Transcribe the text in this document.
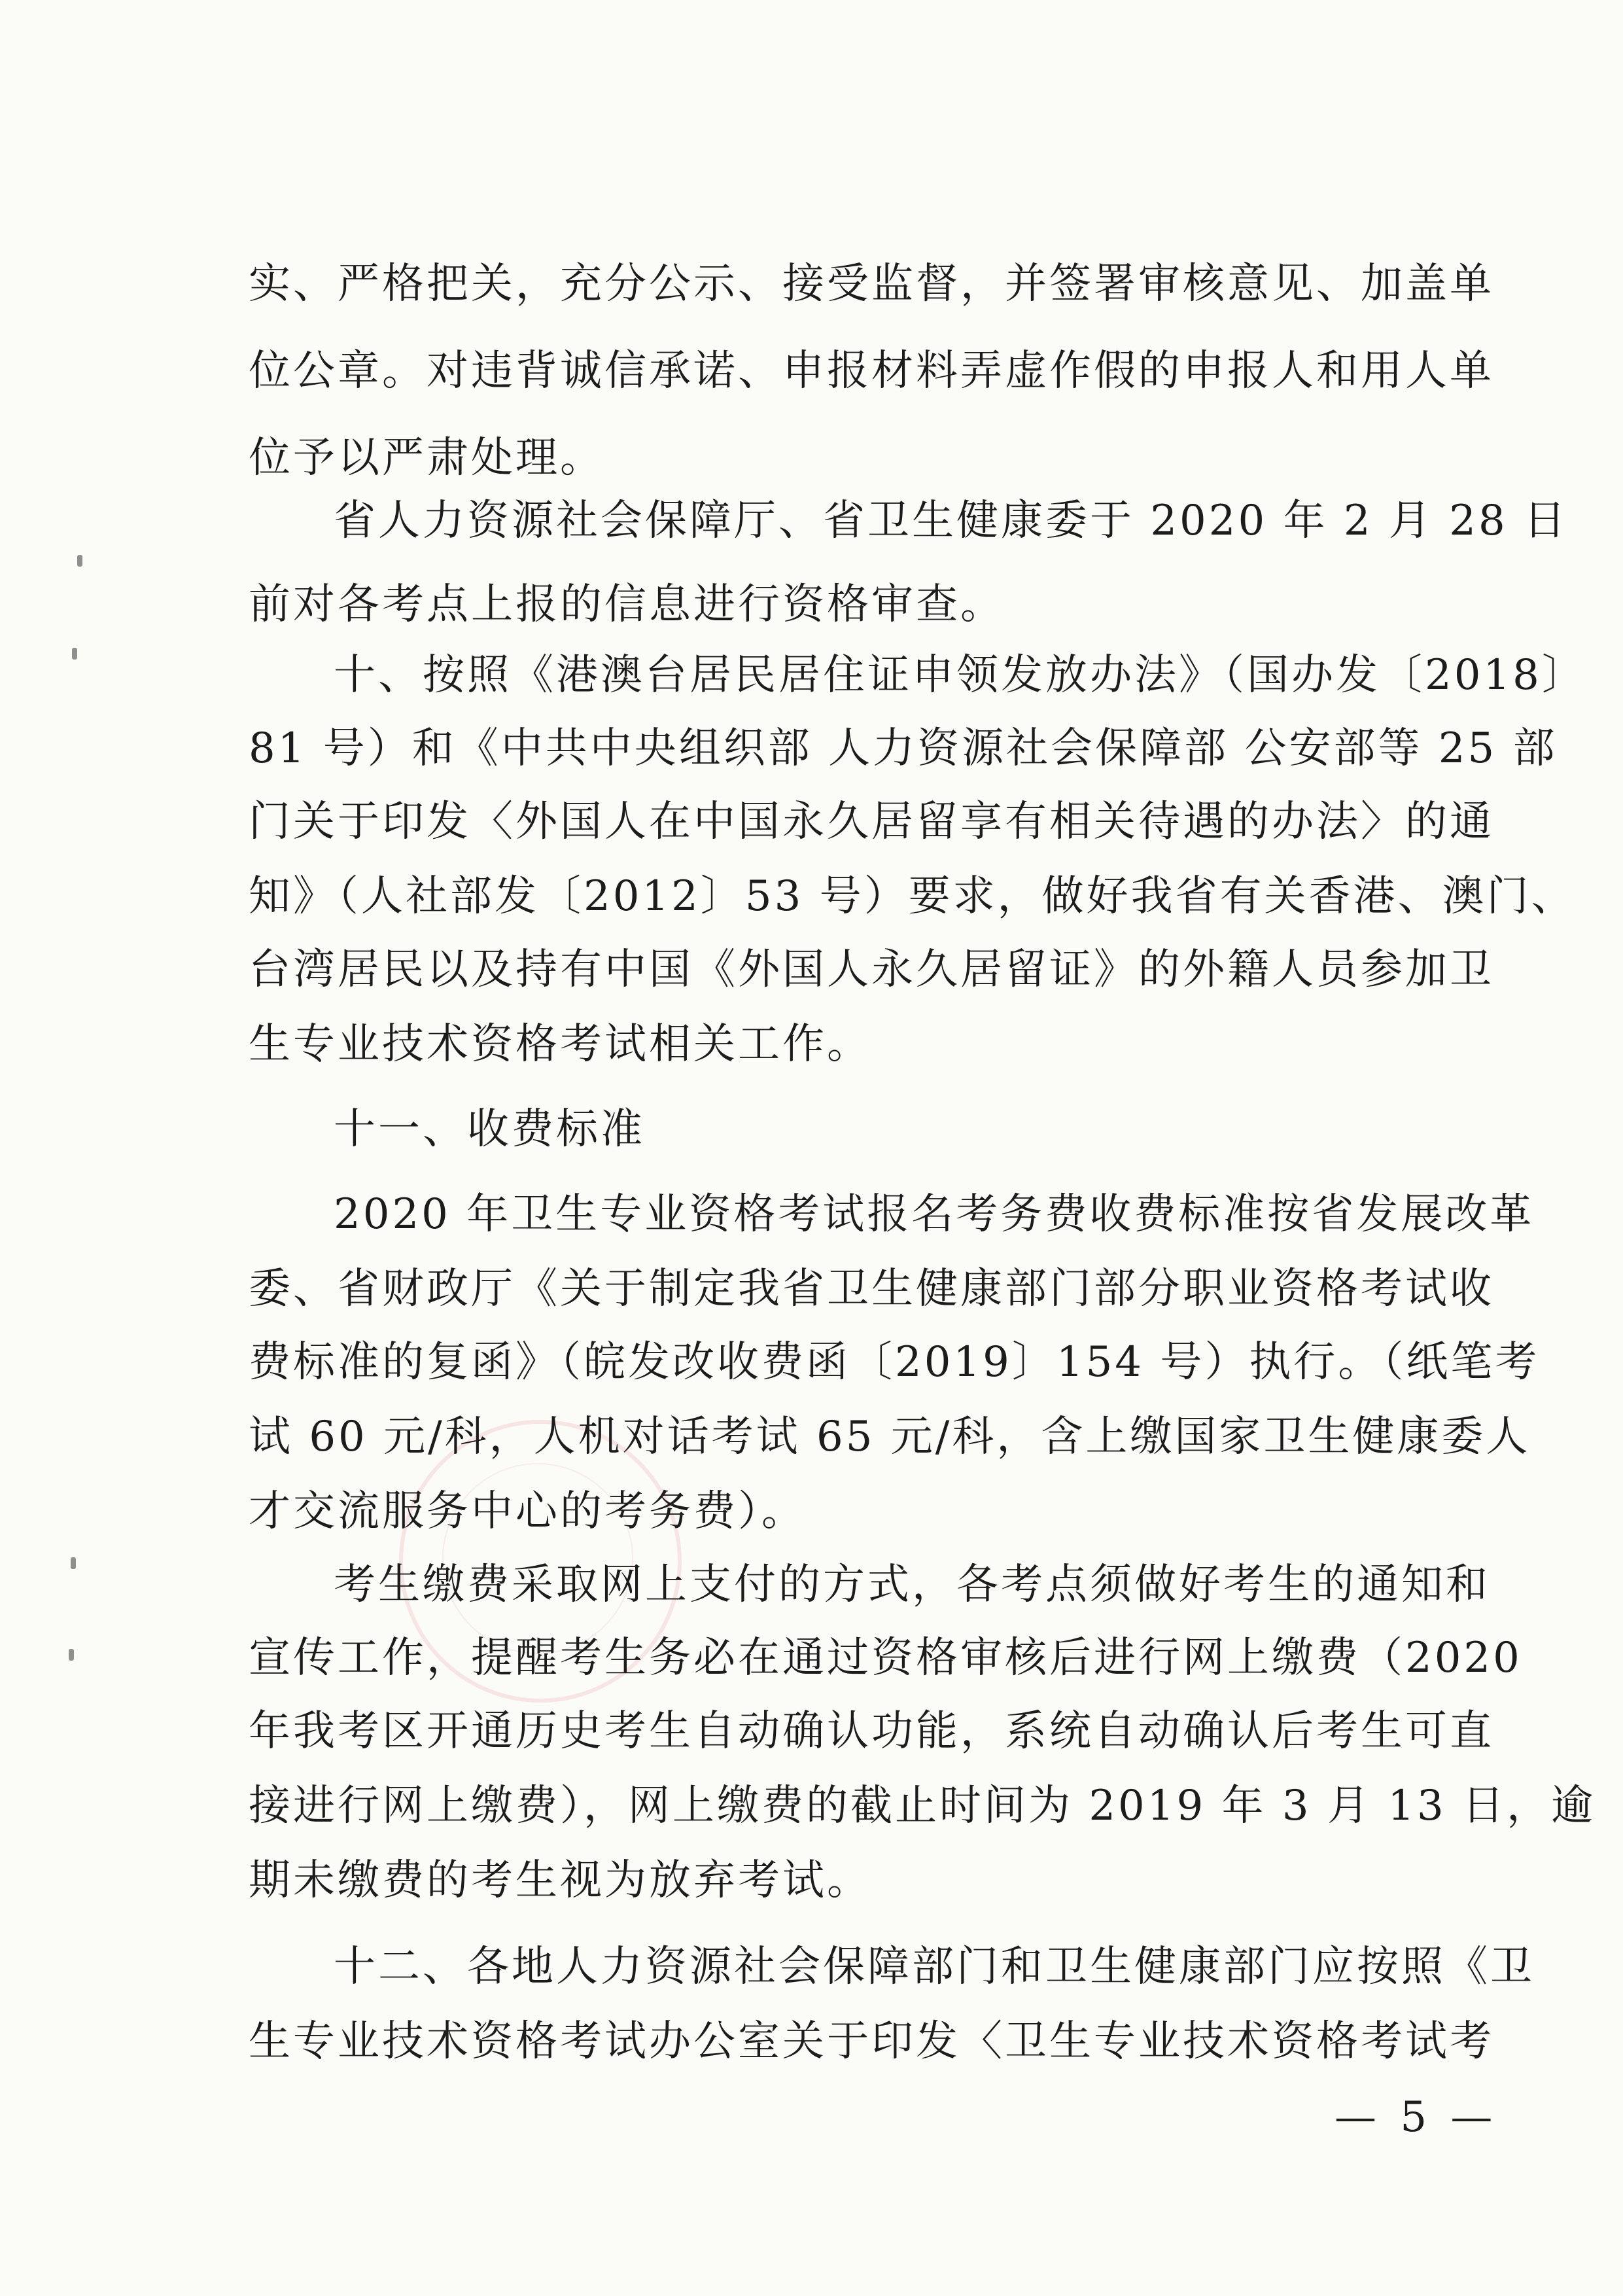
实、严格把关，充分公示、接受监督，并签署审核意见、加盖单
位公章。对违背诚信承诺、申报材料弄虚作假的申报人和用人单
位予以严肃处理。
省人力资源社会保障厅、省卫生健康委于 2020 年 2 月 28 日
前对各考点上报的信息进行资格审查。
十、按照《港澳台居民居住证申领发放办法》（国办发〔2018〕
81 号）和《中共中央组织部 人力资源社会保障部 公安部等 25 部
门关于印发〈外国人在中国永久居留享有相关待遇的办法〉的通
知》（人社部发〔2012〕53 号）要求，做好我省有关香港、澳门、
台湾居民以及持有中国《外国人永久居留证》的外籍人员参加卫
生专业技术资格考试相关工作。
十一、收费标准
2020 年卫生专业资格考试报名考务费收费标准按省发展改革
委、省财政厅《关于制定我省卫生健康部门部分职业资格考试收
费标准的复函》（皖发改收费函〔2019〕154 号）执行。（纸笔考
试 60 元/科，人机对话考试 65 元/科，含上缴国家卫生健康委人
才交流服务中心的考务费）。
考生缴费采取网上支付的方式，各考点须做好考生的通知和
宣传工作，提醒考生务必在通过资格审核后进行网上缴费（2020
年我考区开通历史考生自动确认功能，系统自动确认后考生可直
接进行网上缴费），网上缴费的截止时间为 2019 年 3 月 13 日，逾
期未缴费的考生视为放弃考试。
十二、各地人力资源社会保障部门和卫生健康部门应按照《卫
生专业技术资格考试办公室关于印发〈卫生专业技术资格考试考
— 5 —
